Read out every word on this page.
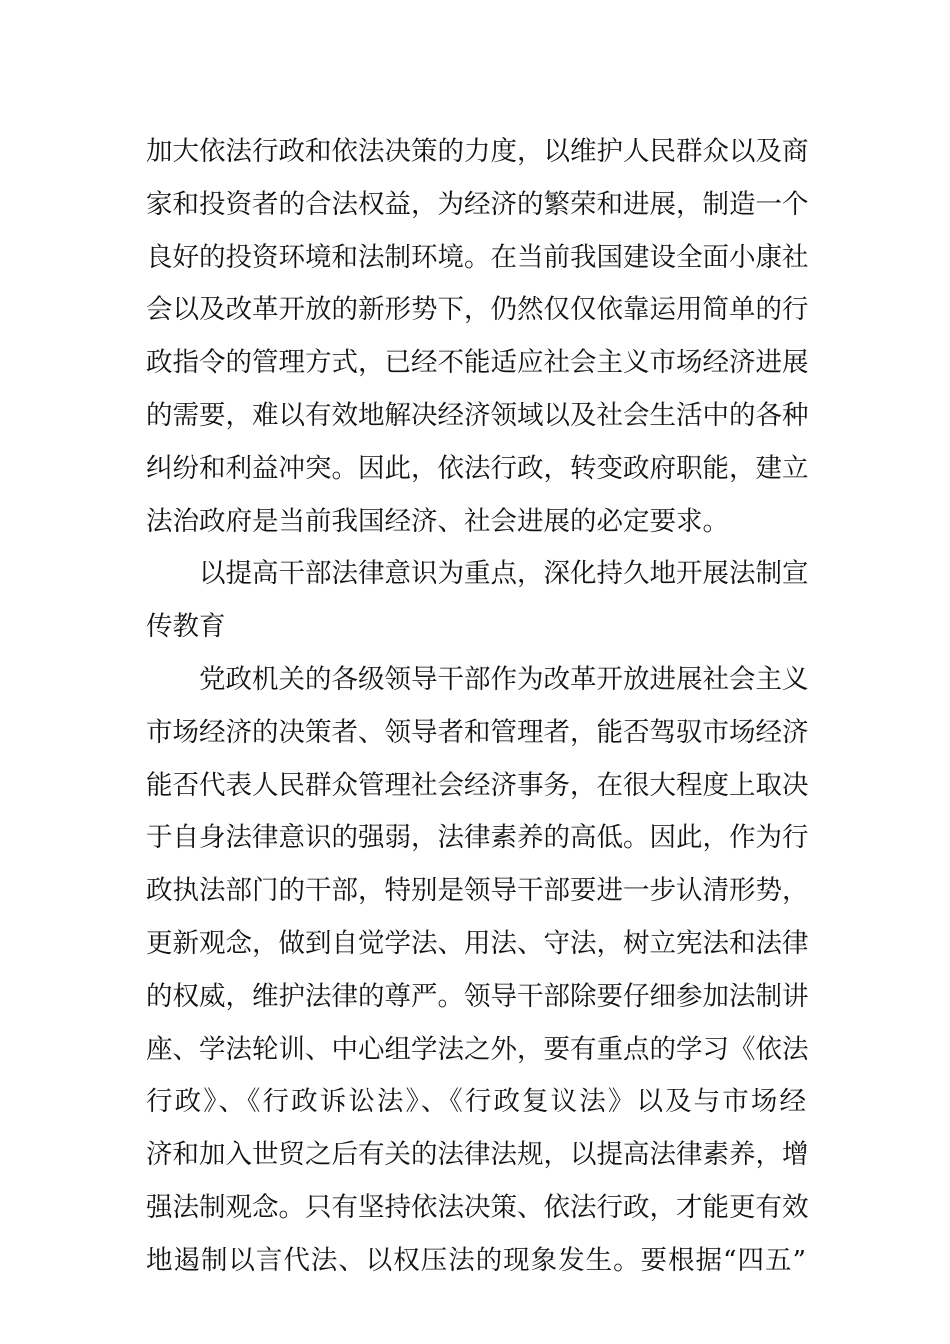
加大依法行政和依法决策的力度，以维护人民群众以及商
家和投资者的合法权益，为经济的繁荣和进展，制造一个
良好的投资环境和法制环境。在当前我国建设全面小康社
会以及改革开放的新形势下，仍然仅仅依靠运用简单的行
政指令的管理方式，已经不能适应社会主义市场经济进展
的需要，难以有效地解决经济领域以及社会生活中的各种
纠纷和利益冲突。因此，依法行政，转变政府职能，建立
法治政府是当前我国经济、社会进展的必定要求。
以提高干部法律意识为重点，深化持久地开展法制宣
传教育
党政机关的各级领导干部作为改革开放进展社会主义
市场经济的决策者、领导者和管理者，能否驾驭市场经济
能否代表人民群众管理社会经济事务，在很大程度上取决
于自身法律意识的强弱，法律素养的高低。因此，作为行
政执法部门的干部，特别是领导干部要进一步认清形势，
更新观念，做到自觉学法、用法、守法，树立宪法和法律
的权威，维护法律的尊严。领导干部除要仔细参加法制讲
座、学法轮训、中心组学法之外，要有重点的学习《依法
行政》、《行政诉讼法》、《行政复议法》以及与市场经
济和加入世贸之后有关的法律法规，以提高法律素养，增
强法制观念。只有坚持依法决策、依法行政，才能更有效
地遏制以言代法、以权压法的现象发生。要根据“四五”
